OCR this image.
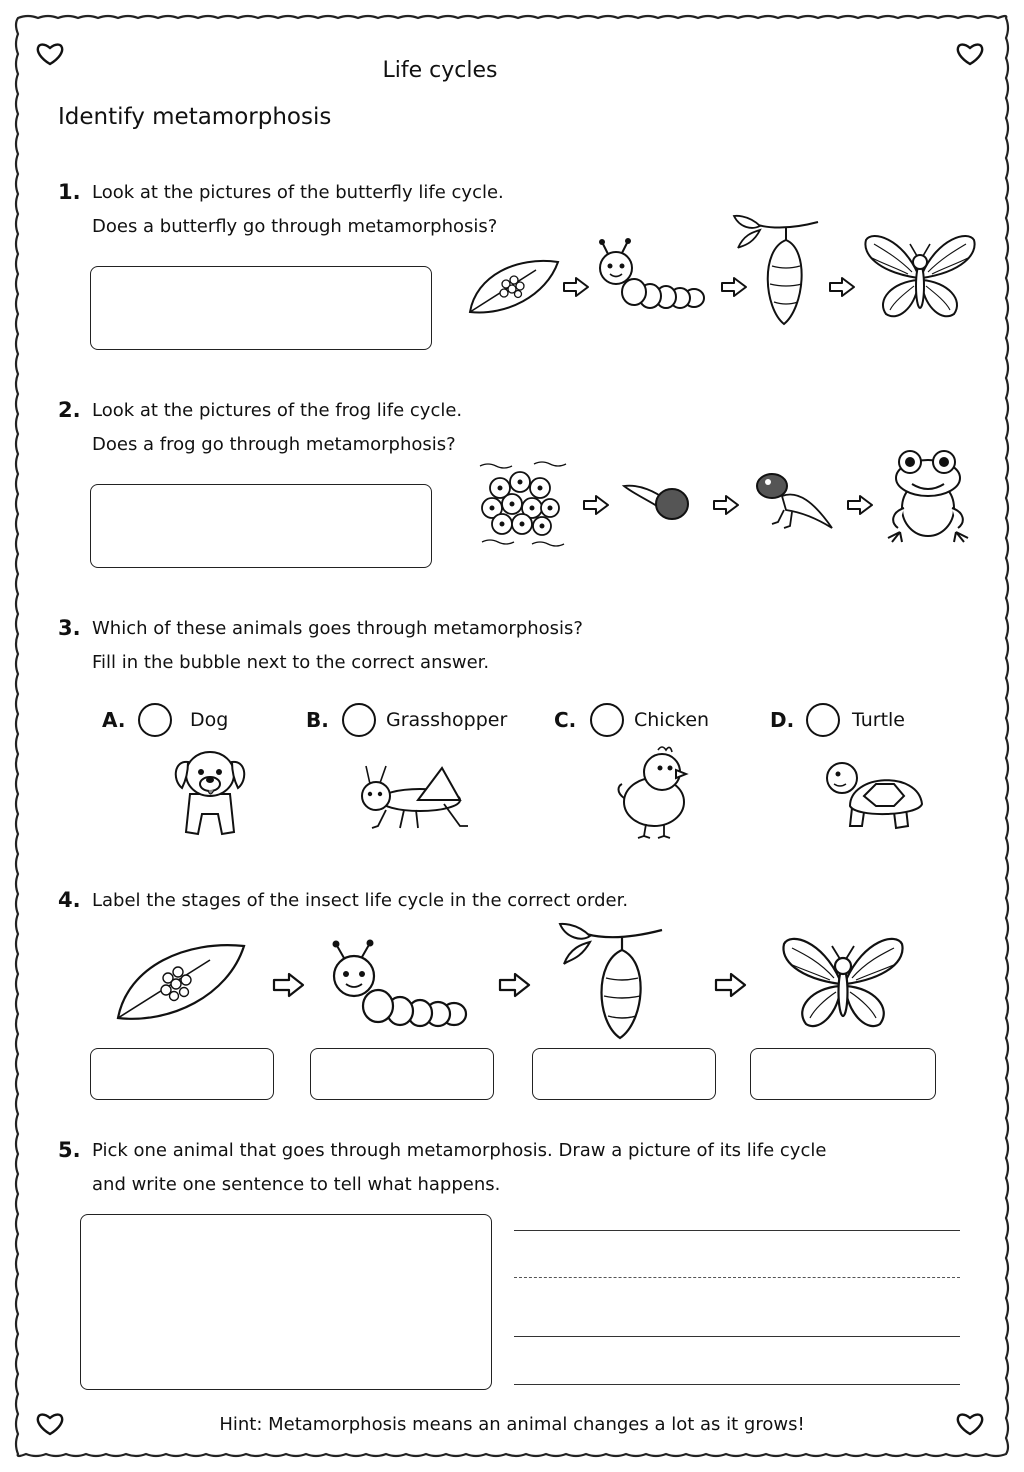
Life cycles
Identify metamorphosis
1. Look at the pictures of the butterfly life cycle.
Does a butterfly go through metamorphosis?
2. Look at the pictures of the frog life cycle.
Does a frog go through metamorphosis?
3. Which of these animals goes through metamorphosis?
Fill in the bubble next to the correct answer.
A.	Dog	B.	Grasshopper C.	Chicken	D.	Turtle
4. Label the stages of the insect life cycle in the correct order.
5. Pick one animal that goes through metamorphosis. Draw a picture of its life cycle
and write one sentence to tell what happens.
Hint: Metamorphosis means an animal changes a lot as it grows!
